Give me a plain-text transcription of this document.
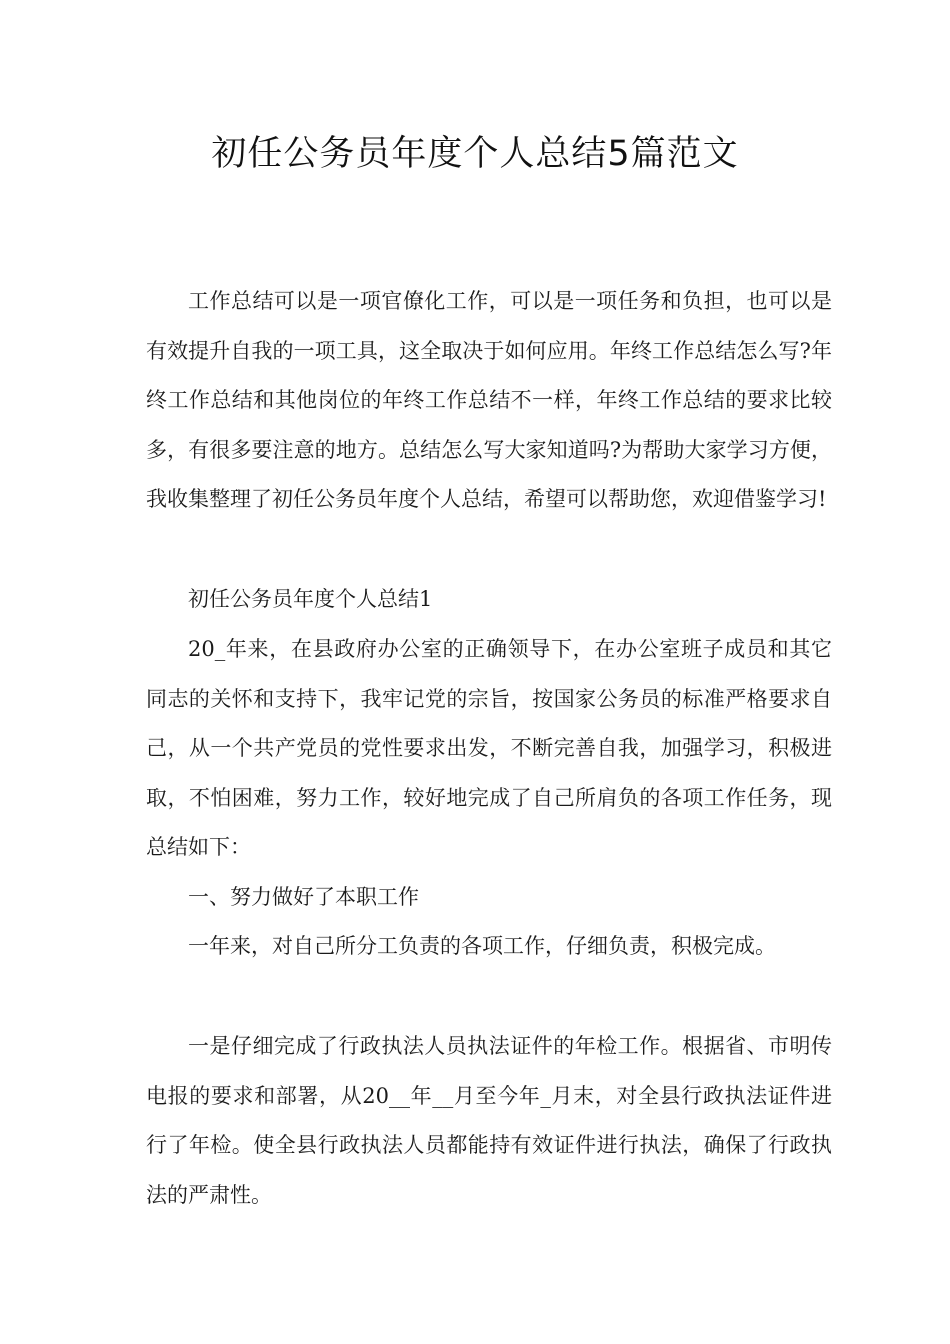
初任公务员年度个人总结5篇范文

工作总结可以是一项官僚化工作，可以是一项任务和负担，也可以是有效提升自我的一项工具，这全取决于如何应用。年终工作总结怎么写?年终工作总结和其他岗位的年终工作总结不一样，年终工作总结的要求比较多，有很多要注意的地方。总结怎么写大家知道吗?为帮助大家学习方便，我收集整理了初任公务员年度个人总结，希望可以帮助您，欢迎借鉴学习!

初任公务员年度个人总结1

20_年来，在县政府办公室的正确领导下，在办公室班子成员和其它同志的关怀和支持下，我牢记党的宗旨，按国家公务员的标准严格要求自己，从一个共产党员的党性要求出发，不断完善自我，加强学习，积极进取，不怕困难，努力工作，较好地完成了自己所肩负的各项工作任务，现总结如下：

一、努力做好了本职工作

一年来，对自己所分工负责的各项工作，仔细负责，积极完成。

一是仔细完成了行政执法人员执法证件的年检工作。根据省、市明传电报的要求和部署，从20__年__月至今年_月末，对全县行政执法证件进行了年检。使全县行政执法人员都能持有效证件进行执法，确保了行政执法的严肃性。
